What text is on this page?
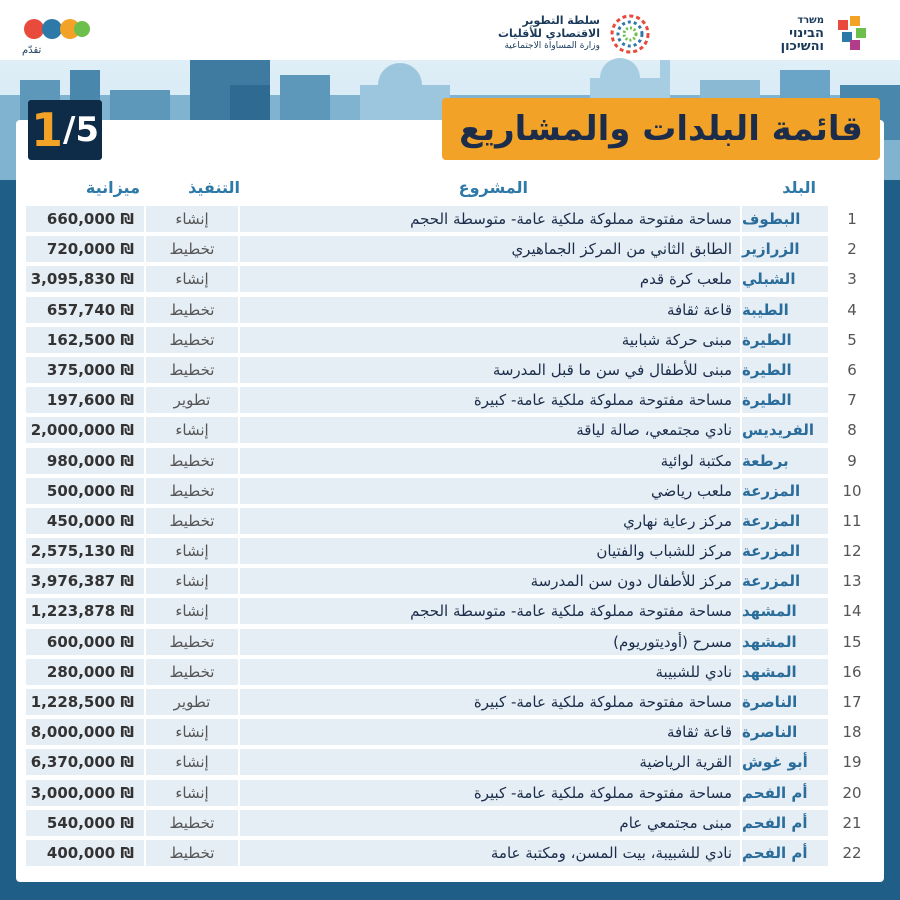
משרד
הבינוי
והשיכון
سلطة التطوير
الاقتصادي للأقليات
وزارة المساواة الاجتماعية
تقدّم
قائمة البلدات والمشاريع
1 /5
البلد
المشروع
التنفيذ
ميزانية
1
البطوف
مساحة مفتوحة مملوكة ملكية عامة- متوسطة الحجم
إنشاء
660,000 ₪
2
الزرازير
الطابق الثاني من المركز الجماهيري
تخطيط
720,000 ₪
3
الشبلي
ملعب كرة قدم
إنشاء
3,095,830 ₪
4
الطيبة
قاعة ثقافة
تخطيط
657,740 ₪
5
الطيرة
مبنى حركة شبابية
تخطيط
162,500 ₪
6
الطيرة
مبنى للأطفال في سن ما قبل المدرسة
تخطيط
375,000 ₪
7
الطيرة
مساحة مفتوحة مملوكة ملكية عامة- كبيرة
تطوير
197,600 ₪
8
الفريديس
نادي مجتمعي، صالة لياقة
إنشاء
2,000,000 ₪
9
برطعة
مكتبة لوائية
تخطيط
980,000 ₪
10
المزرعة
ملعب رياضي
تخطيط
500,000 ₪
11
المزرعة
مركز رعاية نهاري
تخطيط
450,000 ₪
12
المزرعة
مركز للشباب والفتيان
إنشاء
2,575,130 ₪
13
المزرعة
مركز للأطفال دون سن المدرسة
إنشاء
3,976,387 ₪
14
المشهد
مساحة مفتوحة مملوكة ملكية عامة- متوسطة الحجم
إنشاء
1,223,878 ₪
15
المشهد
مسرح (أوديتوريوم)
تخطيط
600,000 ₪
16
المشهد
نادي للشبيبة
تخطيط
280,000 ₪
17
الناصرة
مساحة مفتوحة مملوكة ملكية عامة- كبيرة
تطوير
1,228,500 ₪
18
الناصرة
قاعة ثقافة
إنشاء
8,000,000 ₪
19
أبو غوش
القرية الرياضية
إنشاء
6,370,000 ₪
20
أم الفحم
مساحة مفتوحة مملوكة ملكية عامة- كبيرة
إنشاء
3,000,000 ₪
21
أم الفحم
مبنى مجتمعي عام
تخطيط
540,000 ₪
22
أم الفحم
نادي للشبيبة، بيت المسن، ومكتبة عامة
تخطيط
400,000 ₪
